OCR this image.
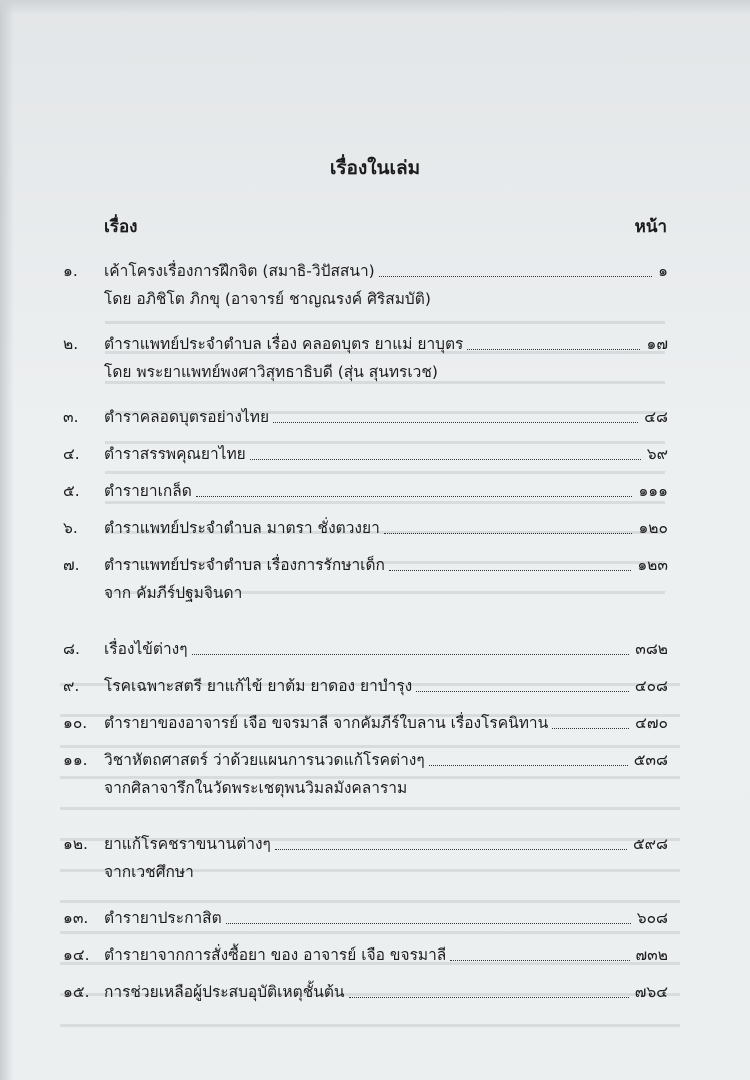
เรื่องในเล่ม
เรื่อง	หน้า
๑. เค้าโครงเรื่องการฝึกจิต (สมาธิ-วิปัสสนา)	๑
โดย อภิชิโต ภิกขุ (อาจารย์ ชาญณรงค์ ศิริสมบัติ)
๒. ตำราแพทย์ประจำตำบล เรื่อง คลอดบุตร ยาแม่ ยาบุตร	๑๗
โดย พระยาแพทย์พงศาวิสุทธาธิบดี (สุ่น สุนทรเวช)
๓. ตำราคลอดบุตรอย่างไทย	๔๘
๔. ตำราสรรพคุณยาไทย	๖๙
๕. ตำรายาเกล็ด	๑๑๑
๖. ตำราแพทย์ประจำตำบล มาตรา ชั่งตวงยา	๑๒๐
๗. ตำราแพทย์ประจำตำบล เรื่องการรักษาเด็ก	๑๒๓
จาก คัมภีร์ปฐมจินดา
๘. เรื่องไข้ต่างๆ	๓๘๒
๙. โรคเฉพาะสตรี ยาแก้ไข้ ยาต้ม ยาดอง ยาบำรุง	๔๐๘
๑๐. ตำรายาของอาจารย์ เจือ ขจรมาลี จากคัมภีร์ใบลาน เรื่องโรคนิทาน	๔๗๐
๑๑. วิชาหัตถศาสตร์ ว่าด้วยแผนการนวดแก้โรคต่างๆ	๕๓๘
จากศิลาจารึกในวัดพระเชตุพนวิมลมังคลาราม
๑๒. ยาแก้โรคชราขนานต่างๆ	๕๙๘
จากเวชศึกษา
๑๓. ตำรายาประกาสิต	๖๐๘
๑๔. ตำรายาจากการสั่งซื้อยา ของ อาจารย์ เจือ ขจรมาลี	๗๓๒
๑๕. การช่วยเหลือผู้ประสบอุบัติเหตุชั้นต้น	๗๖๔
